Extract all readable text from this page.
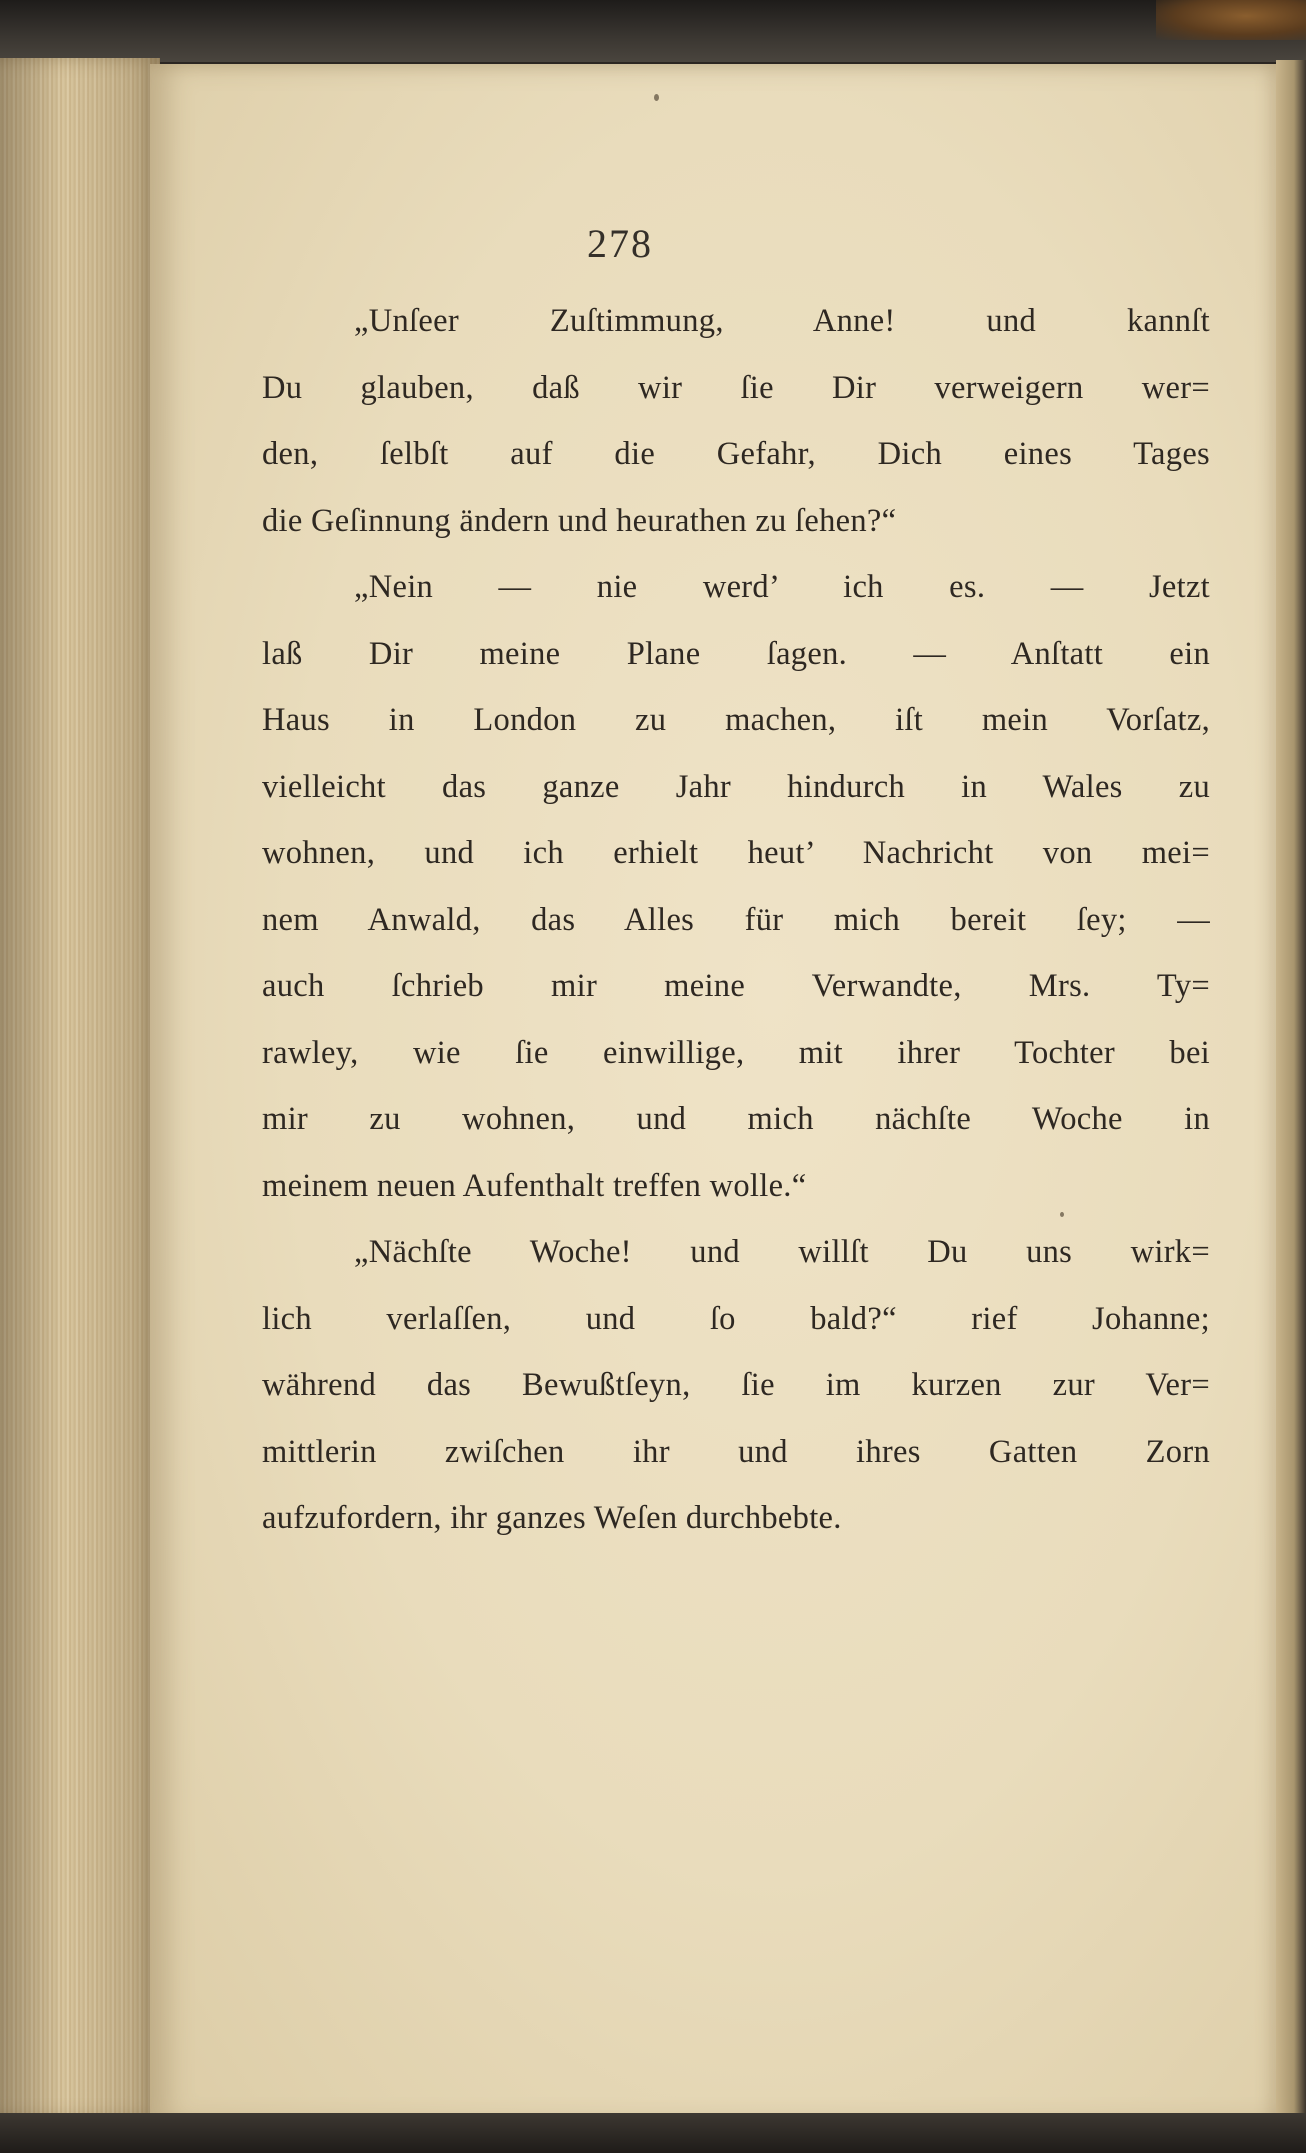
278
„Unſeer Zuſtimmung, Anne! und kannſt
Du glauben, daß wir ſie Dir verweigern wer=
den, ſelbſt auf die Gefahr, Dich eines Tages
die Geſinnung ändern und heurathen zu ſehen?“
„Nein — nie werd’ ich es. — Jetzt
laß Dir meine Plane ſagen. — Anſtatt ein
Haus in London zu machen, iſt mein Vorſatz,
vielleicht das ganze Jahr hindurch in Wales zu
wohnen, und ich erhielt heut’ Nachricht von mei=
nem Anwald, das Alles für mich bereit ſey; —
auch ſchrieb mir meine Verwandte, Mrs. Ty=
rawley, wie ſie einwillige, mit ihrer Tochter bei
mir zu wohnen, und mich nächſte Woche in
meinem neuen Aufenthalt treffen wolle.“
„Nächſte Woche! und willſt Du uns wirk=
lich verlaſſen, und ſo bald?“ rief Johanne;
während das Bewußtſeyn, ſie im kurzen zur Ver=
mittlerin zwiſchen ihr und ihres Gatten Zorn
aufzufordern, ihr ganzes Weſen durchbebte.
